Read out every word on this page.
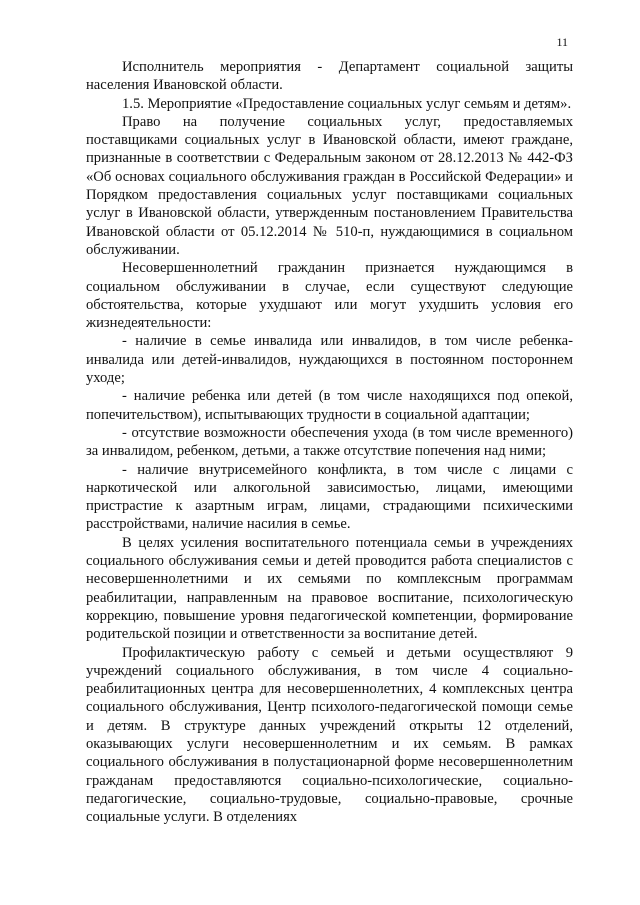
11

Исполнитель мероприятия - Департамент социальной защиты населения Ивановской области.

1.5. Мероприятие «Предоставление социальных услуг семьям и детям».

Право на получение социальных услуг, предоставляемых поставщиками социальных услуг в Ивановской области, имеют граждане, признанные в соответствии с Федеральным законом от 28.12.2013 № 442-ФЗ «Об основах социального обслуживания граждан в Российской Федерации» и Порядком предоставления социальных услуг поставщиками социальных услуг в Ивановской области, утвержденным постановлением Правительства Ивановской области от 05.12.2014 № 510-п, нуждающимися в социальном обслуживании.

Несовершеннолетний гражданин признается нуждающимся в социальном обслуживании в случае, если существуют следующие обстоятельства, которые ухудшают или могут ухудшить условия его жизнедеятельности:

- наличие в семье инвалида или инвалидов, в том числе ребенка-инвалида или детей-инвалидов, нуждающихся в постоянном постороннем уходе;

- наличие ребенка или детей (в том числе находящихся под опекой, попечительством), испытывающих трудности в социальной адаптации;

- отсутствие возможности обеспечения ухода (в том числе временного) за инвалидом, ребенком, детьми, а также отсутствие попечения над ними;

- наличие внутрисемейного конфликта, в том числе с лицами с наркотической или алкогольной зависимостью, лицами, имеющими пристрастие к азартным играм, лицами, страдающими психическими расстройствами, наличие насилия в семье.

В целях усиления воспитательного потенциала семьи в учреждениях социального обслуживания семьи и детей проводится работа специалистов с несовершеннолетними и их семьями по комплексным программам реабилитации, направленным на правовое воспитание, психологическую коррекцию, повышение уровня педагогической компетенции, формирование родительской позиции и ответственности за воспитание детей.

Профилактическую работу с семьей и детьми осуществляют 9 учреждений социального обслуживания, в том числе 4 социально-реабилитационных центра для несовершеннолетних, 4 комплексных центра социального обслуживания, Центр психолого-педагогической помощи семье и детям. В структуре данных учреждений открыты 12 отделений, оказывающих услуги несовершеннолетним и их семьям. В рамках социального обслуживания в полустационарной форме несовершеннолетним гражданам предоставляются социально-психологические, социально-педагогические, социально-трудовые, социально-правовые, срочные социальные услуги. В отделениях
